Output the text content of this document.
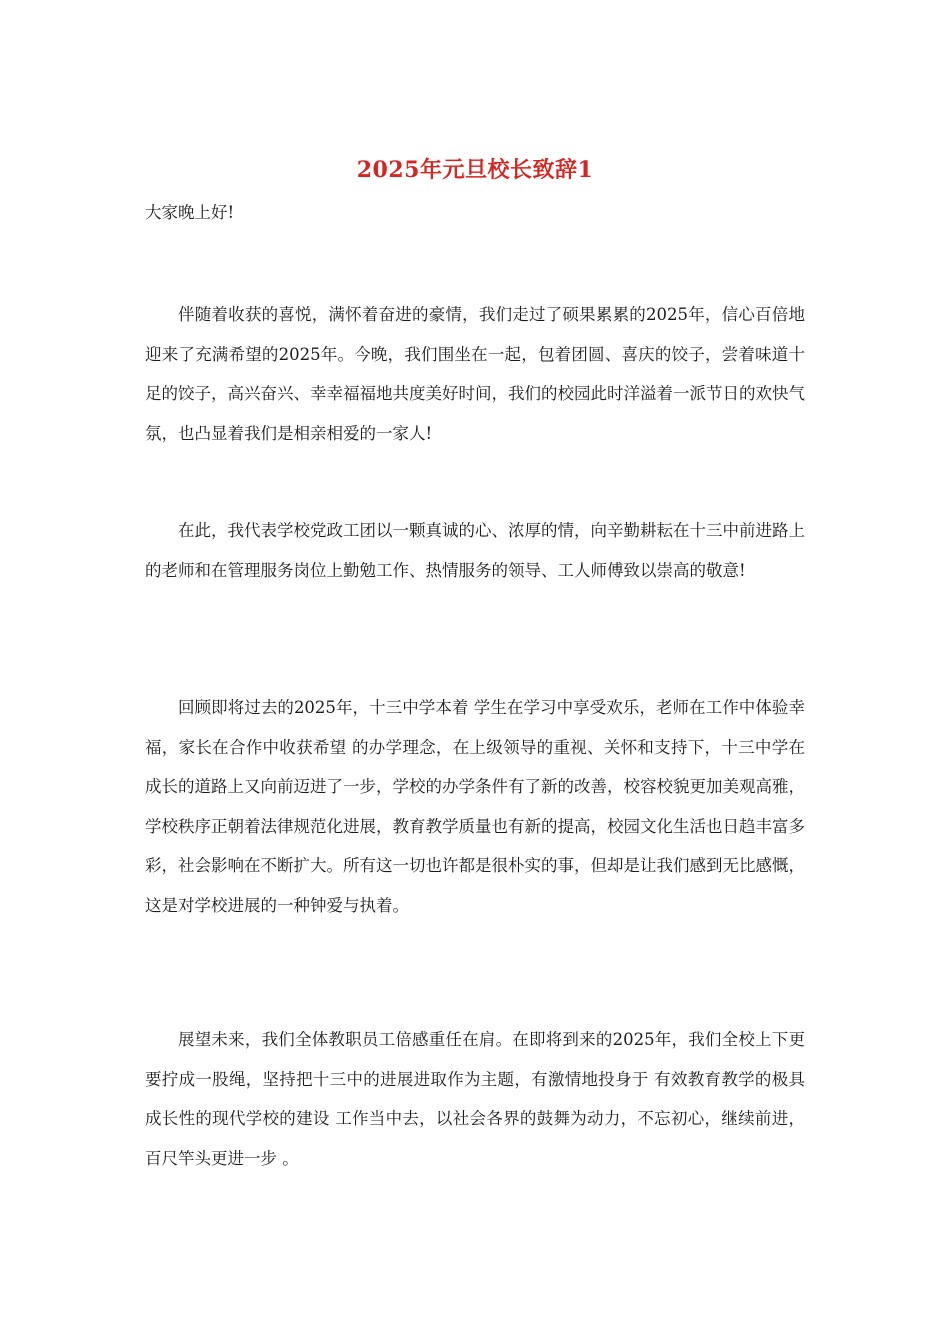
2025年元旦校长致辞1

大家晚上好!

伴随着收获的喜悦，满怀着奋进的豪情，我们走过了硕果累累的2025年，信心百倍地迎来了充满希望的2025年。今晚，我们围坐在一起，包着团圆、喜庆的饺子，尝着味道十足的饺子，高兴奋兴、幸幸福福地共度美好时间，我们的校园此时洋溢着一派节日的欢快气氛，也凸显着我们是相亲相爱的一家人!

在此，我代表学校党政工团以一颗真诚的心、浓厚的情，向辛勤耕耘在十三中前进路上的老师和在管理服务岗位上勤勉工作、热情服务的领导、工人师傅致以崇高的敬意!

回顾即将过去的2025年，十三中学本着 学生在学习中享受欢乐，老师在工作中体验幸福，家长在合作中收获希望 的办学理念，在上级领导的重视、关怀和支持下，十三中学在成长的道路上又向前迈进了一步，学校的办学条件有了新的改善，校容校貌更加美观高雅，学校秩序正朝着法律规范化进展，教育教学质量也有新的提高，校园文化生活也日趋丰富多彩，社会影响在不断扩大。所有这一切也许都是很朴实的事，但却是让我们感到无比感慨，这是对学校进展的一种钟爱与执着。

展望未来，我们全体教职员工倍感重任在肩。在即将到来的2025年，我们全校上下更要拧成一股绳，坚持把十三中的进展进取作为主题，有激情地投身于 有效教育教学的极具成长性的现代学校的建设 工作当中去，以社会各界的鼓舞为动力，不忘初心，继续前进， 百尺竿头更进一步 。
